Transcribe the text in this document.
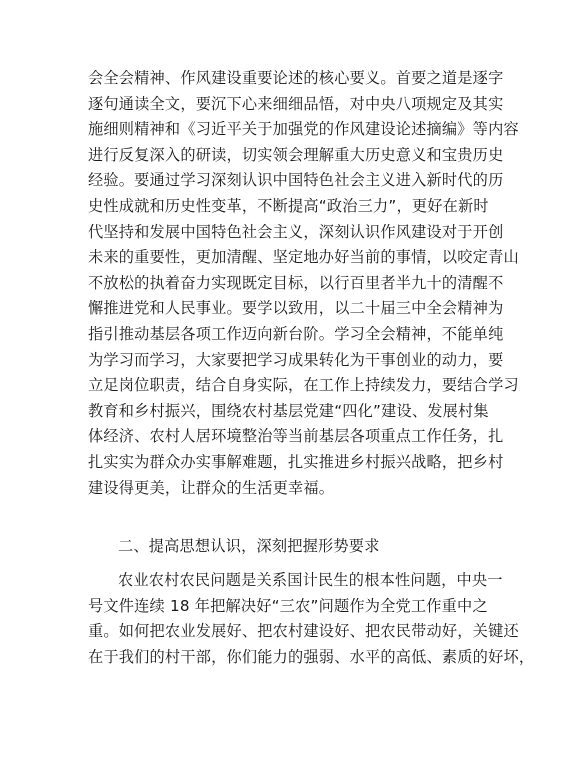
会全会精神、作风建设重要论述的核心要义。首要之道是逐字
逐句通读全文，要沉下心来细细品悟，对中央八项规定及其实
施细则精神和《习近平关于加强党的作风建设论述摘编》等内容
进行反复深入的研读，切实领会理解重大历史意义和宝贵历史
经验。要通过学习深刻认识中国特色社会主义进入新时代的历
史性成就和历史性变革，不断提高“政治三力”，更好在新时
代坚持和发展中国特色社会主义，深刻认识作风建设对于开创
未来的重要性，更加清醒、坚定地办好当前的事情，以咬定青山
不放松的执着奋力实现既定目标，以行百里者半九十的清醒不
懈推进党和人民事业。要学以致用，以二十届三中全会精神为
指引推动基层各项工作迈向新台阶。学习全会精神，不能单纯
为学习而学习，大家要把学习成果转化为干事创业的动力，要
立足岗位职责，结合自身实际，在工作上持续发力，要结合学习
教育和乡村振兴，围绕农村基层党建“四化”建设、发展村集
体经济、农村人居环境整治等当前基层各项重点工作任务，扎
扎实实为群众办实事解难题，扎实推进乡村振兴战略，把乡村
建设得更美，让群众的生活更幸福。
二、提高思想认识，深刻把握形势要求
农业农村农民问题是关系国计民生的根本性问题，中央一
号文件连续 18 年把解决好“三农”问题作为全党工作重中之
重。如何把农业发展好、把农村建设好、把农民带动好，关键还
在于我们的村干部，你们能力的强弱、水平的高低、素质的好坏，
